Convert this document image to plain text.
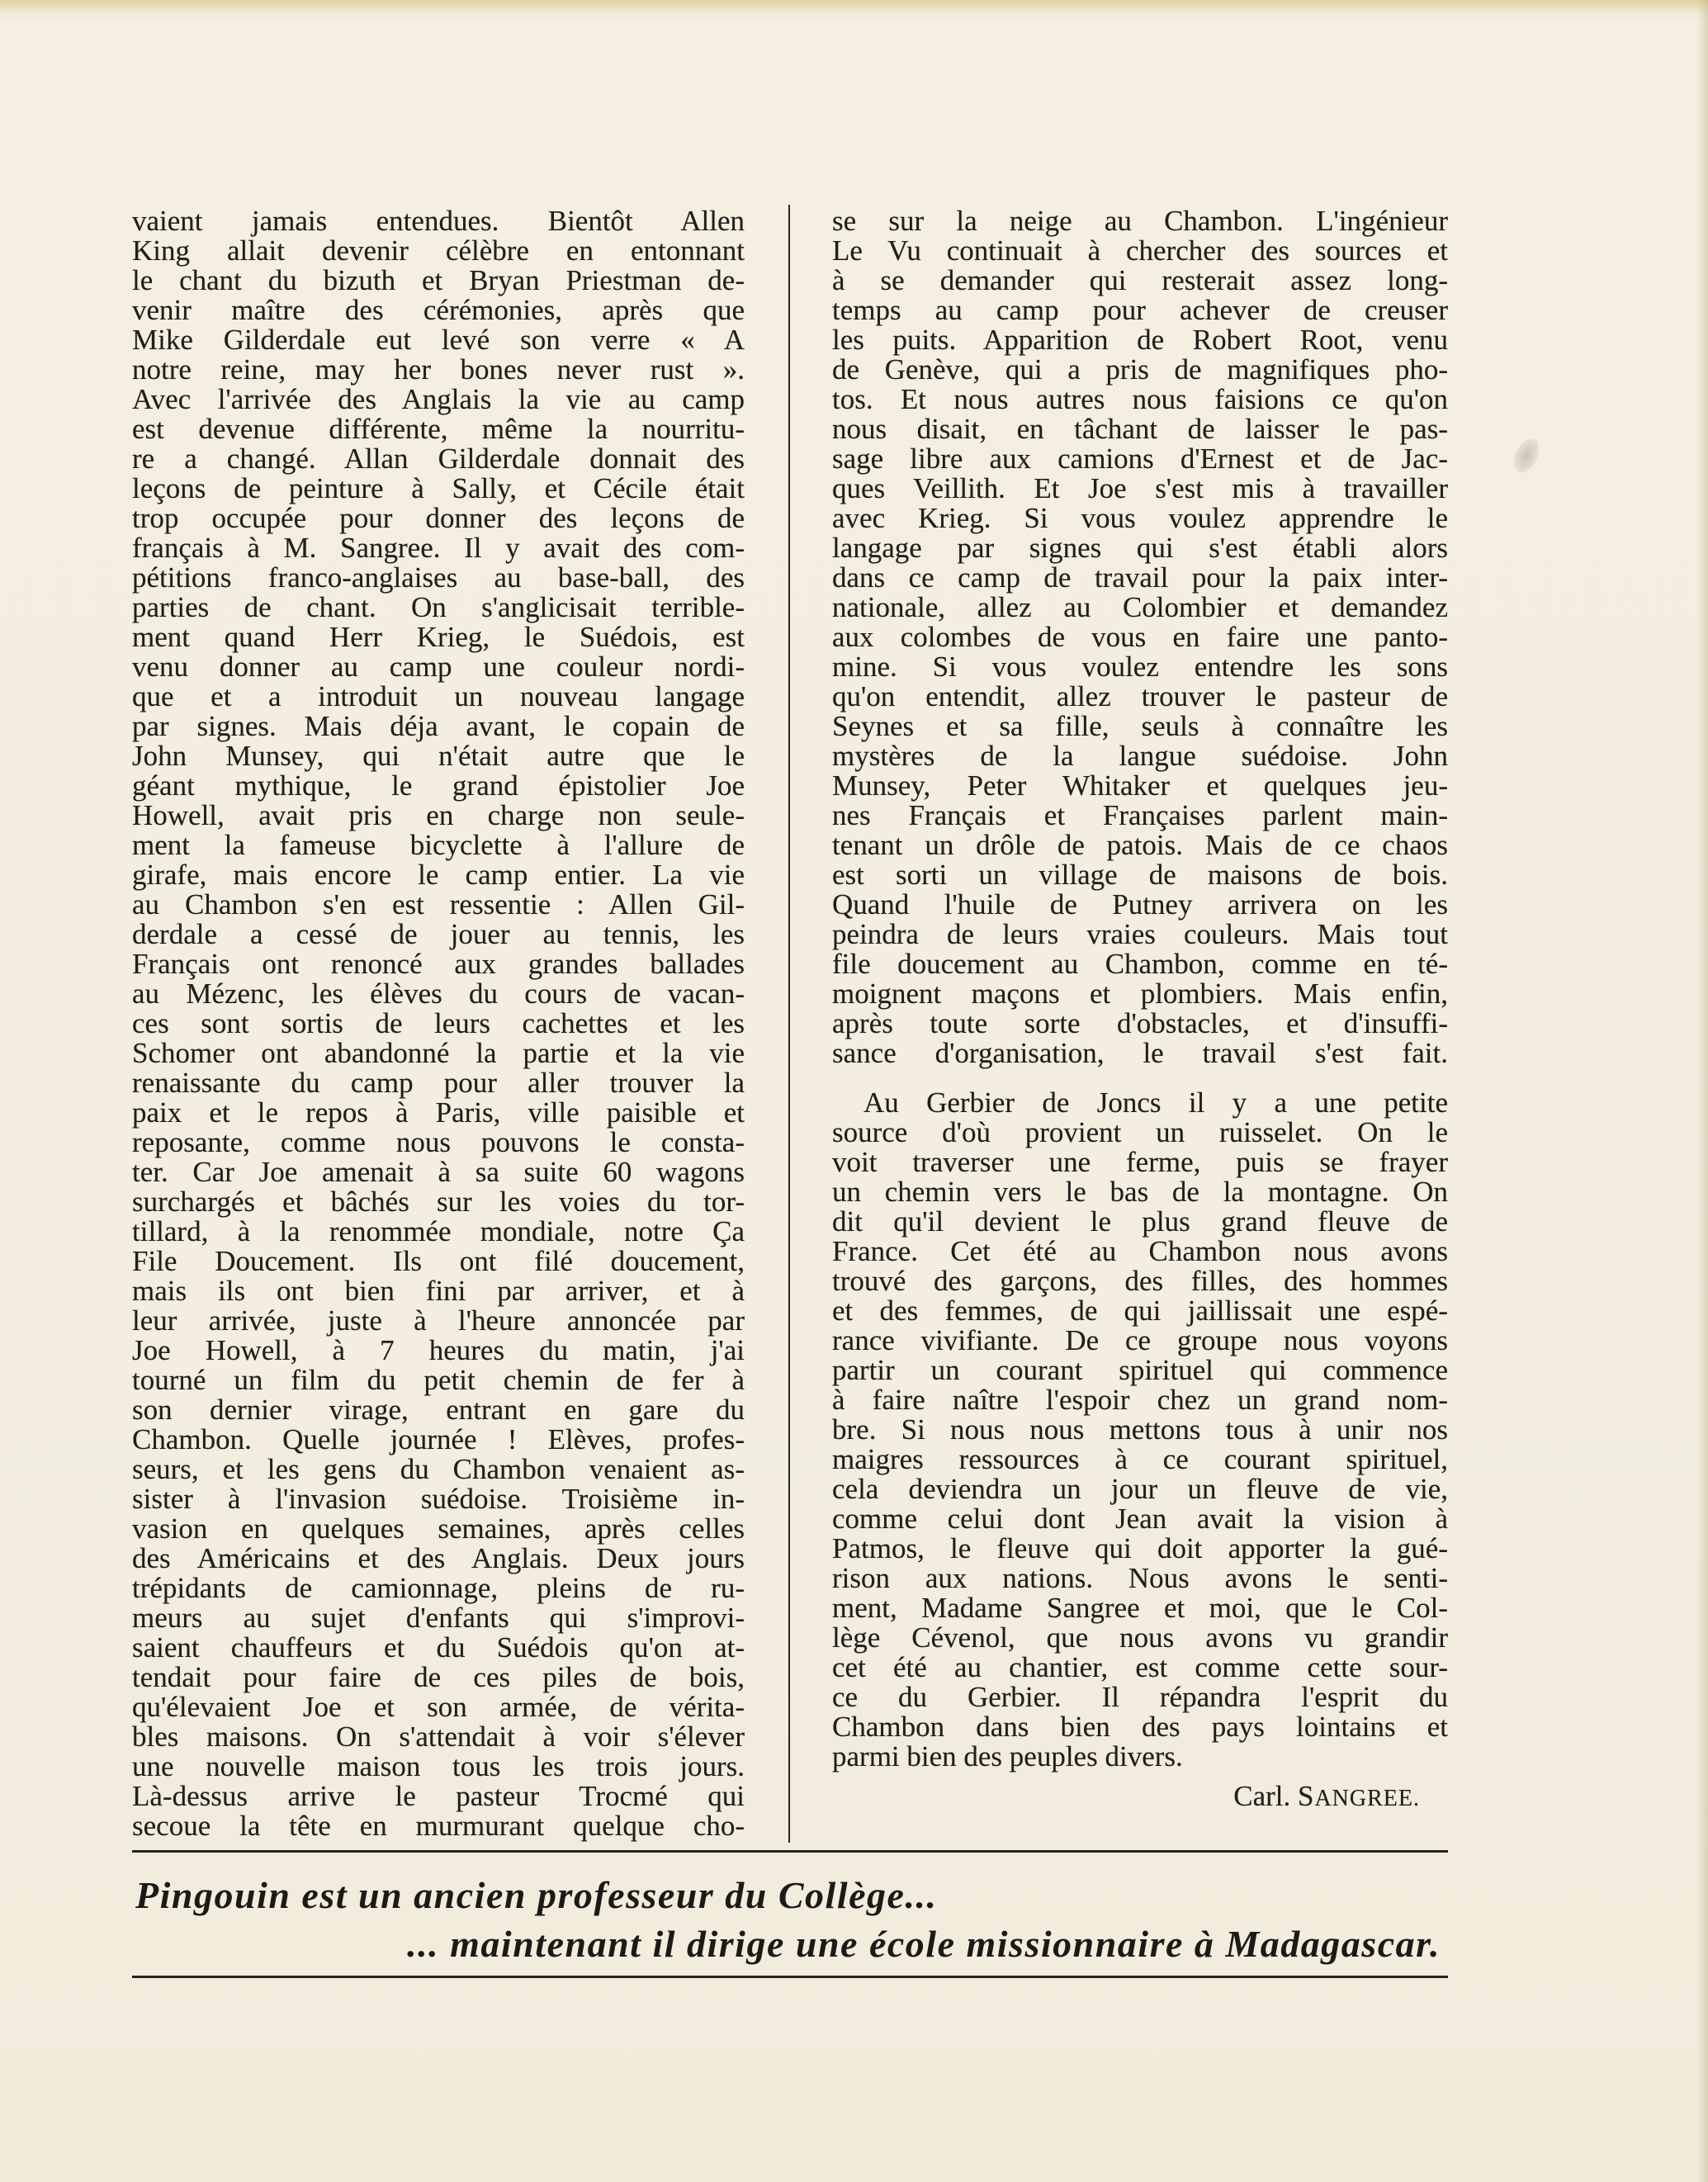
vaient jamais entendues. Bientôt Allen
King allait devenir célèbre en entonnant
le chant du bizuth et Bryan Priestman de-
venir maître des cérémonies, après que
Mike Gilderdale eut levé son verre « A
notre reine, may her bones never rust ».
Avec l'arrivée des Anglais la vie au camp
est devenue différente, même la nourritu-
re a changé. Allan Gilderdale donnait des
leçons de peinture à Sally, et Cécile était
trop occupée pour donner des leçons de
français à M. Sangree. Il y avait des com-
pétitions franco-anglaises au base-ball, des
parties de chant. On s'anglicisait terrible-
ment quand Herr Krieg, le Suédois, est
venu donner au camp une couleur nordi-
que et a introduit un nouveau langage
par signes. Mais déja avant, le copain de
John Munsey, qui n'était autre que le
géant mythique, le grand épistolier Joe
Howell, avait pris en charge non seule-
ment la fameuse bicyclette à l'allure de
girafe, mais encore le camp entier. La vie
au Chambon s'en est ressentie : Allen Gil-
derdale a cessé de jouer au tennis, les
Français ont renoncé aux grandes ballades
au Mézenc, les élèves du cours de vacan-
ces sont sortis de leurs cachettes et les
Schomer ont abandonné la partie et la vie
renaissante du camp pour aller trouver la
paix et le repos à Paris, ville paisible et
reposante, comme nous pouvons le consta-
ter. Car Joe amenait à sa suite 60 wagons
surchargés et bâchés sur les voies du tor-
tillard, à la renommée mondiale, notre Ça
File Doucement. Ils ont filé doucement,
mais ils ont bien fini par arriver, et à
leur arrivée, juste à l'heure annoncée par
Joe Howell, à 7 heures du matin, j'ai
tourné un film du petit chemin de fer à
son dernier virage, entrant en gare du
Chambon. Quelle journée ! Elèves, profes-
seurs, et les gens du Chambon venaient as-
sister à l'invasion suédoise. Troisième in-
vasion en quelques semaines, après celles
des Américains et des Anglais. Deux jours
trépidants de camionnage, pleins de ru-
meurs au sujet d'enfants qui s'improvi-
saient chauffeurs et du Suédois qu'on at-
tendait pour faire de ces piles de bois,
qu'élevaient Joe et son armée, de vérita-
bles maisons. On s'attendait à voir s'élever
une nouvelle maison tous les trois jours.
Là-dessus arrive le pasteur Trocmé qui
secoue la tête en murmurant quelque cho-
se sur la neige au Chambon. L'ingénieur
Le Vu continuait à chercher des sources et
à se demander qui resterait assez long-
temps au camp pour achever de creuser
les puits. Apparition de Robert Root, venu
de Genève, qui a pris de magnifiques pho-
tos. Et nous autres nous faisions ce qu'on
nous disait, en tâchant de laisser le pas-
sage libre aux camions d'Ernest et de Jac-
ques Veillith. Et Joe s'est mis à travailler
avec Krieg. Si vous voulez apprendre le
langage par signes qui s'est établi alors
dans ce camp de travail pour la paix inter-
nationale, allez au Colombier et demandez
aux colombes de vous en faire une panto-
mine. Si vous voulez entendre les sons
qu'on entendit, allez trouver le pasteur de
Seynes et sa fille, seuls à connaître les
mystères de la langue suédoise. John
Munsey, Peter Whitaker et quelques jeu-
nes Français et Françaises parlent main-
tenant un drôle de patois. Mais de ce chaos
est sorti un village de maisons de bois.
Quand l'huile de Putney arrivera on les
peindra de leurs vraies couleurs. Mais tout
file doucement au Chambon, comme en té-
moignent maçons et plombiers. Mais enfin,
après toute sorte d'obstacles, et d'insuffi-
sance d'organisation, le travail s'est fait.
Au Gerbier de Joncs il y a une petite
source d'où provient un ruisselet. On le
voit traverser une ferme, puis se frayer
un chemin vers le bas de la montagne. On
dit qu'il devient le plus grand fleuve de
France. Cet été au Chambon nous avons
trouvé des garçons, des filles, des hommes
et des femmes, de qui jaillissait une espé-
rance vivifiante. De ce groupe nous voyons
partir un courant spirituel qui commence
à faire naître l'espoir chez un grand nom-
bre. Si nous nous mettons tous à unir nos
maigres ressources à ce courant spirituel,
cela deviendra un jour un fleuve de vie,
comme celui dont Jean avait la vision à
Patmos, le fleuve qui doit apporter la gué-
rison aux nations. Nous avons le senti-
ment, Madame Sangree et moi, que le Col-
lège Cévenol, que nous avons vu grandir
cet été au chantier, est comme cette sour-
ce du Gerbier. Il répandra l'esprit du
Chambon dans bien des pays lointains et
parmi bien des peuples divers.
Carl. SANGREE.
Pingouin est un ancien professeur du Collège...
... maintenant il dirige une école missionnaire à Madagascar.
